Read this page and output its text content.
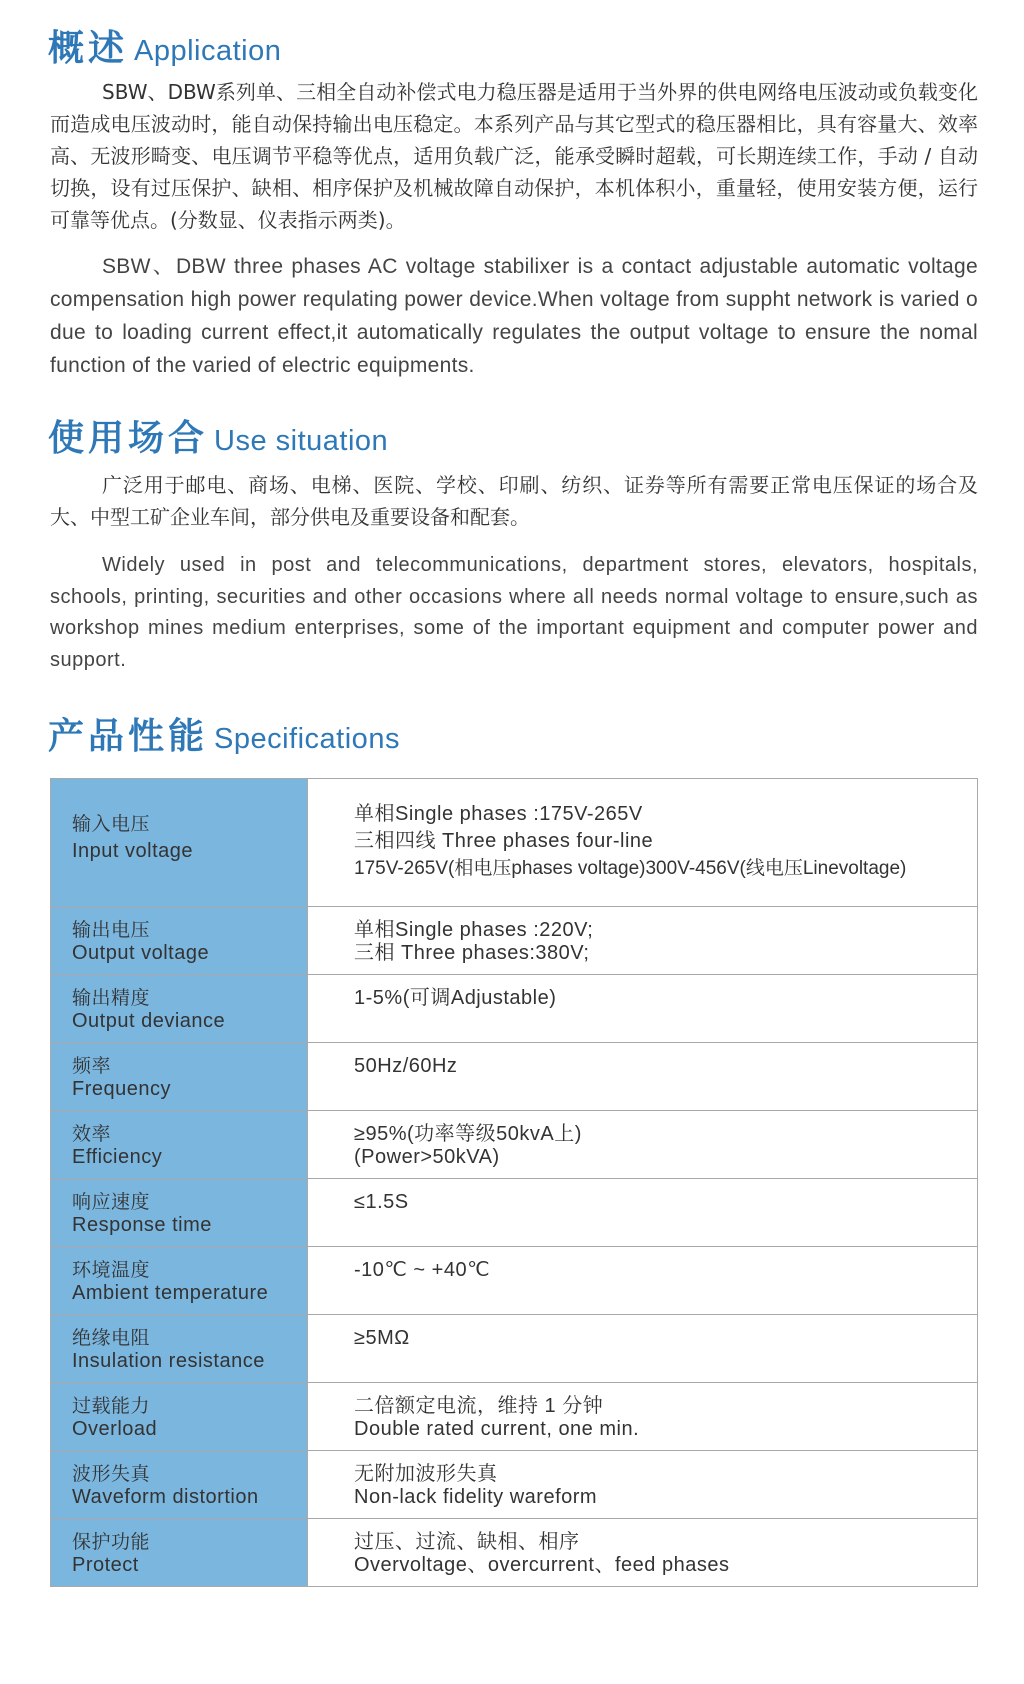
概述 Application

SBW、DBW系列单、三相全自动补偿式电力稳压器是适用于当外界的供电网络电压波动或负载变化而造成电压波动时，能自动保持输出电压稳定。本系列产品与其它型式的稳压器相比，具有容量大、效率高、无波形畸变、电压调节平稳等优点，适用负载广泛，能承受瞬时超载，可长期连续工作，手动 / 自动切换，设有过压保护、缺相、相序保护及机械故障自动保护，本机体积小，重量轻，使用安装方便，运行可靠等优点。(分数显、仪表指示两类)。

SBW、DBW three phases AC voltage stabilixer is a contact adjustable automatic voltage compensation high power requlating power device.When voltage from suppht network is varied o due to loading current effect,it automatically regulates the output voltage to ensure the nomal function of the varied of electric equipments.

使用场合 Use situation

广泛用于邮电、商场、电梯、医院、学校、印刷、纺织、证券等所有需要正常电压保证的场合及大、中型工矿企业车间，部分供电及重要设备和配套。

Widely used in post and telecommunications, department stores, elevators, hospitals, schools, printing, securities and other occasions where all needs normal voltage to ensure,such as workshop mines medium enterprises, some of the important equipment and computer power and support.

产品性能 Specifications
输入电压
Input voltage	单相Single phases :175V-265V
三相四线 Three phases four-line
175V-265V(相电压phases voltage)300V-456V(线电压Linevoltage)

输出电压
Output voltage	单相Single phases :220V;
三相 Three phases:380V;

输出精度
Output deviance	1-5%(可调Adjustable)

频率
Frequency	50Hz/60Hz

效率
Efficiency	≥95%(功率等级50kvA上)
(Power>50kVA)

响应速度
Response time	≤1.5S

环境温度
Ambient temperature	-10℃ ~ +40℃

绝缘电阻
Insulation resistance	≥5MΩ

过载能力
Overload	二倍额定电流，维持 1 分钟
Double rated current, one min.

波形失真
Waveform distortion	无附加波形失真
Non-lack fidelity wareform

保护功能
Protect	过压、过流、缺相、相序
Overvoltage、overcurrent、feed phases
